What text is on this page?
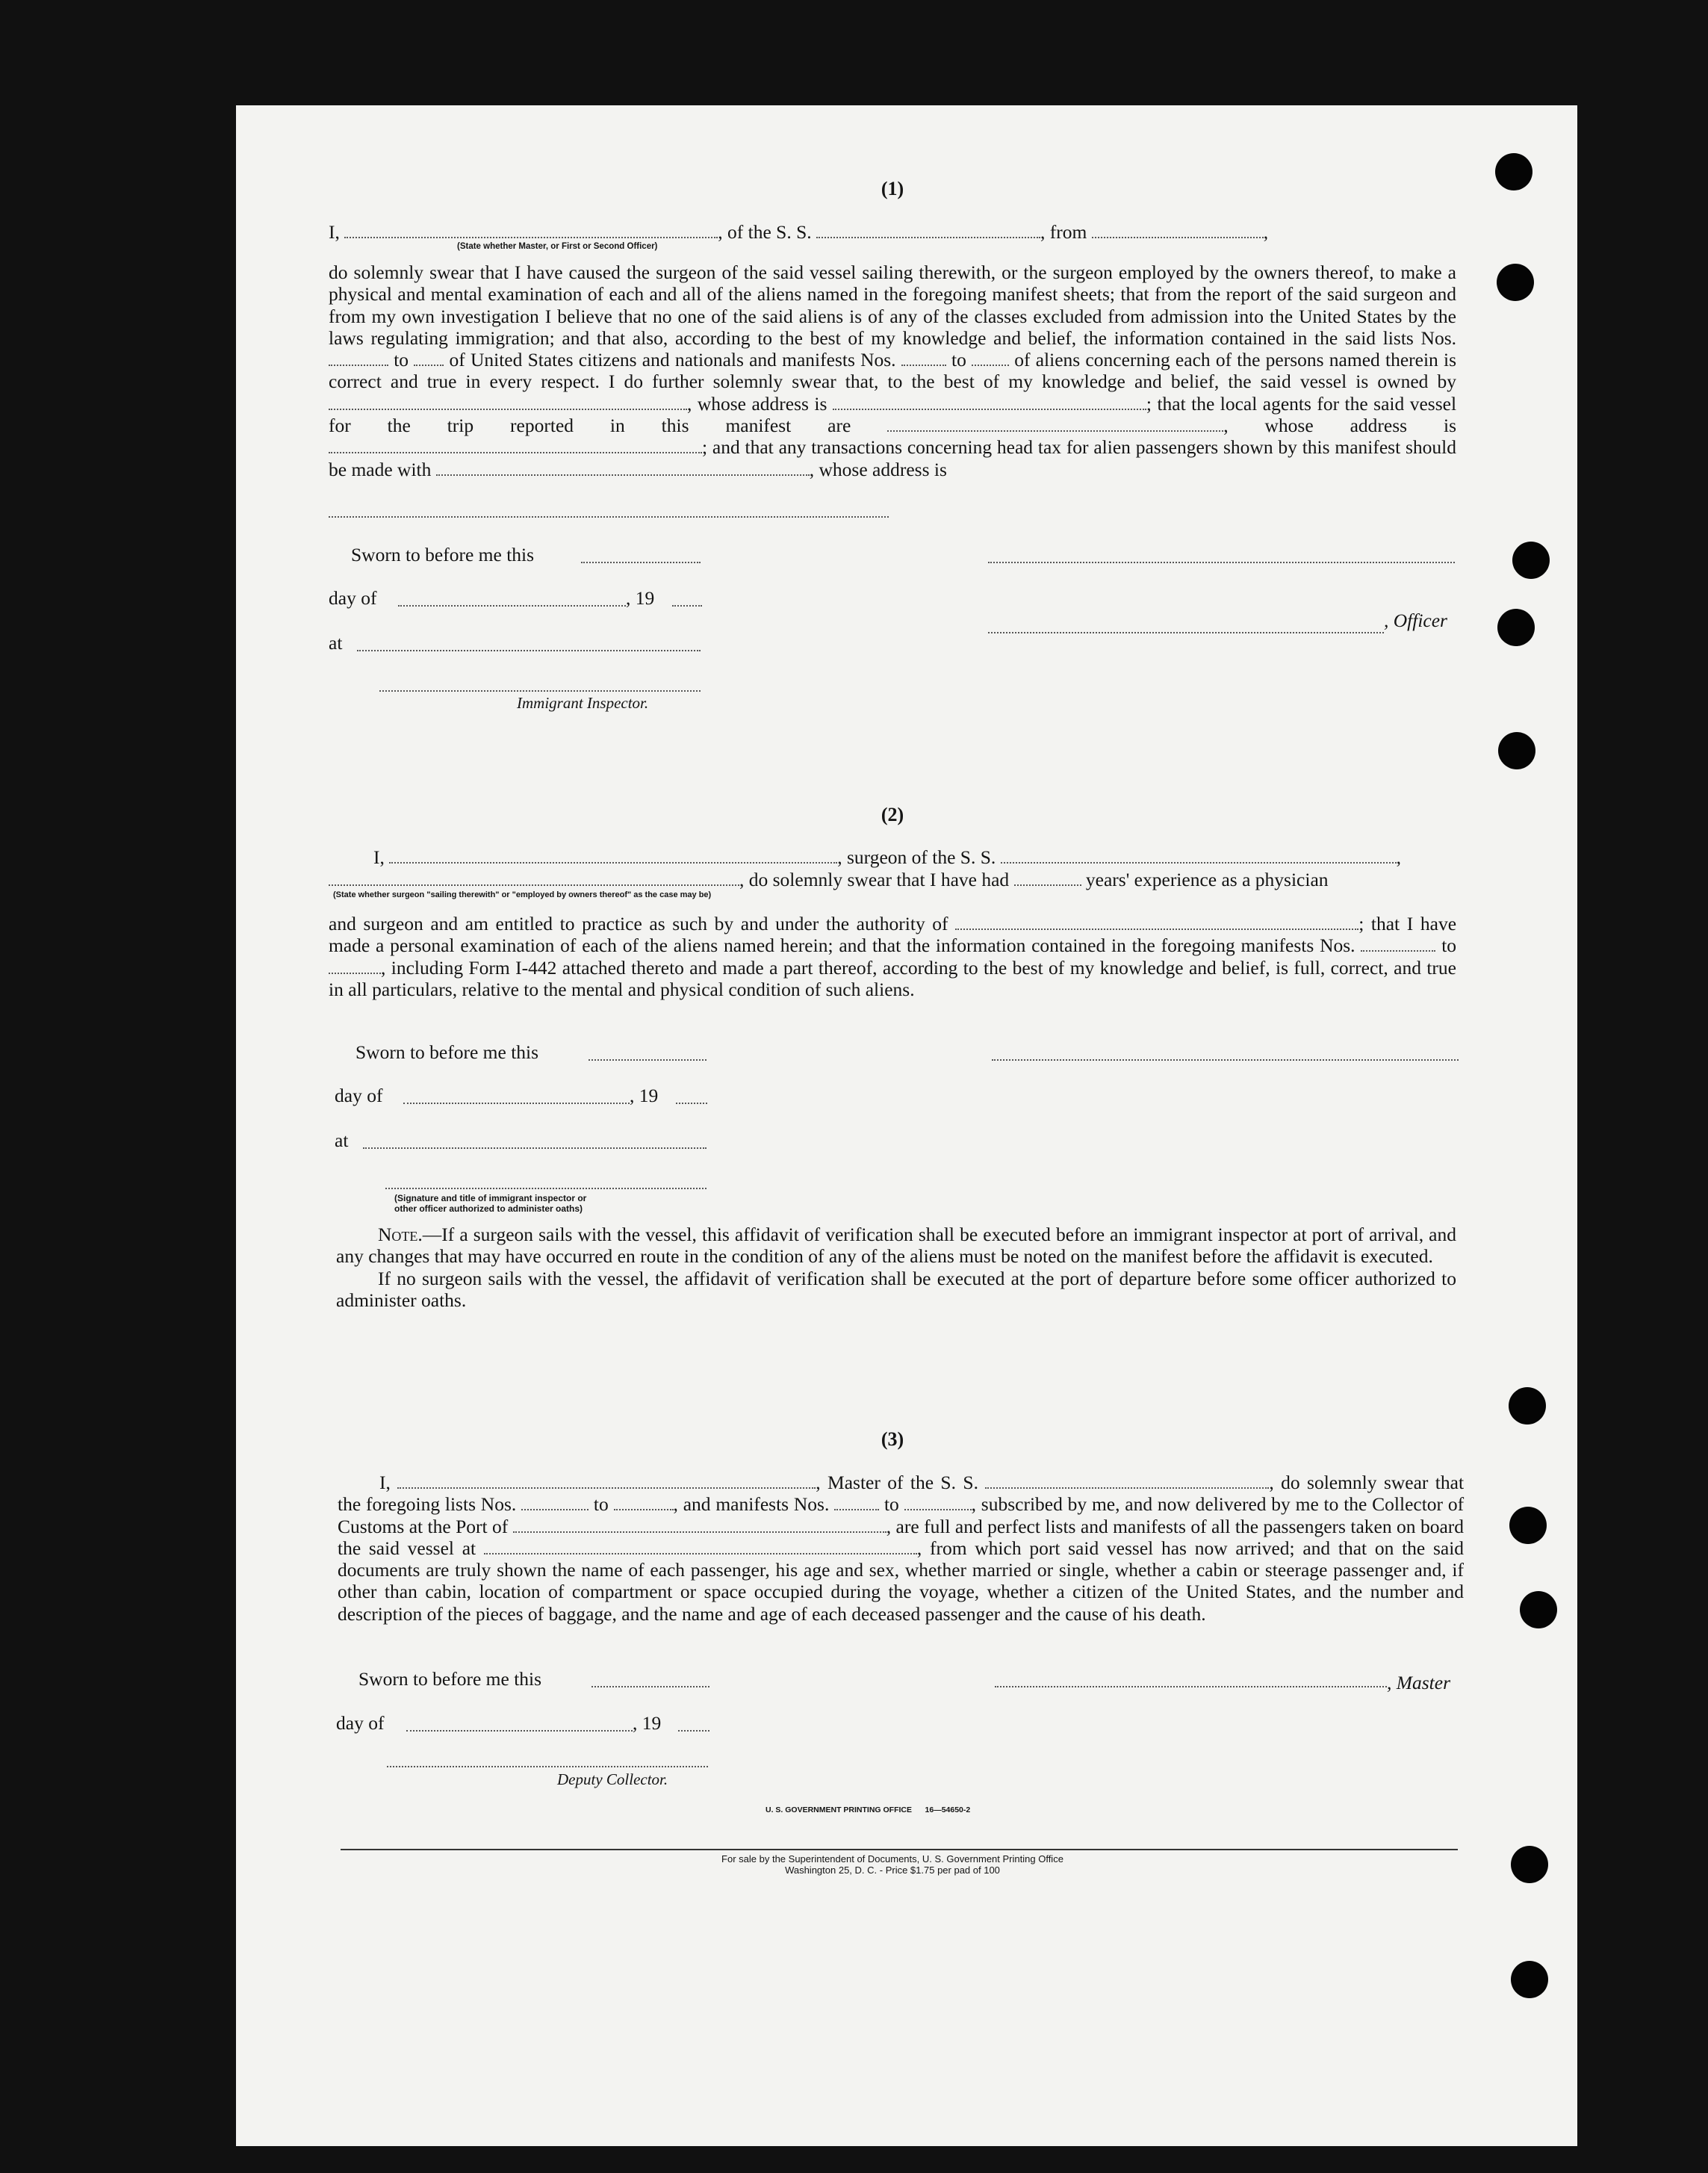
(1)
I,	, of the S. S.	, from	,
(State whether Master, or First or Second Officer)

do solemnly swear that I have caused the surgeon of the said vessel sailing therewith, or the surgeon employed by the owners thereof, to make a physical and mental examination of each and all of the aliens named in the foregoing manifest sheets; that from the report of the said surgeon and from my own investigation I believe that no one of the said aliens is of any of the classes excluded from admission into the United States by the laws regulating immigration; and that also, according to the best of my knowledge and belief, the information contained in the said lists Nos.  to of United States citizens and nationals and manifests Nos.	to	of aliens concerning each of the persons named therein is correct and true in every respect. I do further solemnly swear that, to the best of my knowledge and belief, the said vessel is owned by , whose address is	; that the local agents for the said vessel for the trip reported in this manifest are	, whose address is ; and that any transactions concerning head tax for alien passengers shown by this manifest should be made with	, whose address is

Sworn to before me this
day of	, 19
, Officer
at
Immigrant Inspector.
(2)
I,	, surgeon of the S. S.	,
, do solemnly swear that I have had	years' experience as a physician
(State whether surgeon "sailing therewith" or "employed by owners thereof" as the case may be)

and surgeon and am entitled to practice as such by and under the authority of	; that I have made a personal examination of each of the aliens named herein; and that the information contained in the foregoing manifests Nos.	to , including Form I-442 attached thereto and made a part thereof, according to the best of my knowledge and belief, is full, correct, and true in all particulars, relative to the mental and physical condition of such aliens.

Sworn to before me this
day of	, 19
at
(Signature and title of immigrant inspector or
other officer authorized to administer oaths)

Note.—If a surgeon sails with the vessel, this affidavit of verification shall be executed before an immigrant inspector at port of arrival, and any changes that may have occurred en route in the condition of any of the aliens must be noted on the manifest before the affidavit is executed.

If no surgeon sails with the vessel, the affidavit of verification shall be executed at the port of departure before some officer authorized to administer oaths.

(3)

I,	, Master of the S. S.	, do solemnly swear that the foregoing lists Nos.	to	, and manifests Nos.	to	, subscribed by me, and now delivered by me to the Collector of Customs at the Port of	, are full and perfect lists and manifests of all the passengers taken on board the said vessel at	, from which port said vessel has now arrived; and that on the said documents are truly shown the name of each passenger, his age and sex, whether married or single, whether a cabin or steerage passenger and, if other than cabin, location of compartment or space occupied during the voyage, whether a citizen of the United States, and the number and description of the pieces of baggage, and the name and age of each deceased passenger and the cause of his death.

Sworn to before me this	, Master
day of	, 19
Deputy Collector.
U. S. GOVERNMENT PRINTING OFFICE      16—54650-2
For sale by the Superintendent of Documents, U. S. Government Printing Office
Washington 25, D. C. - Price $1.75 per pad of 100
